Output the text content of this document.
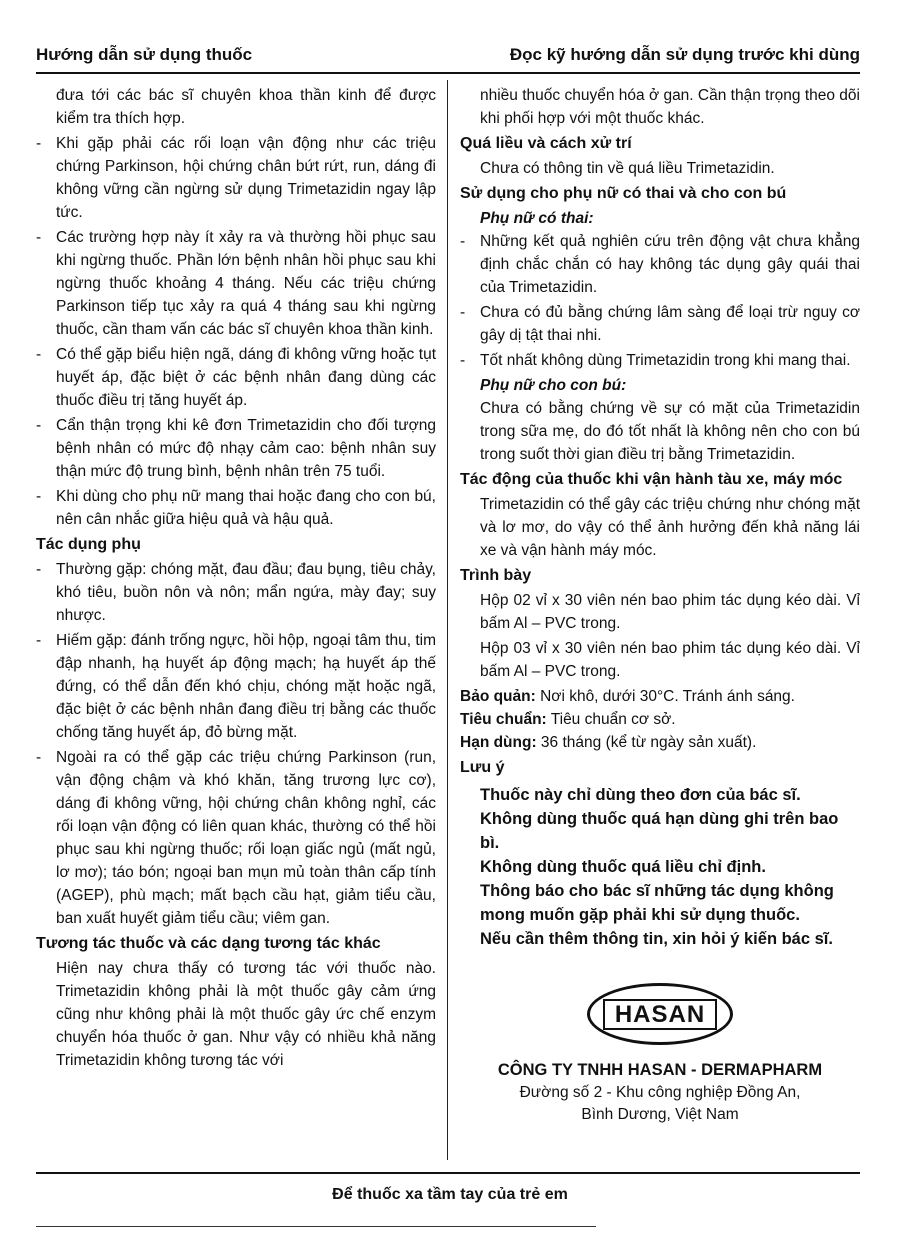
Hướng dẫn sử dụng thuốc	Đọc kỹ hướng dẫn sử dụng trước khi dùng

đưa tới các bác sĩ chuyên khoa thần kinh để được kiểm tra thích hợp.

- Khi gặp phải các rối loạn vận động như các triệu chứng Parkinson, hội chứng chân bứt rứt, run, dáng đi không vững cần ngừng sử dụng Trimetazidin ngay lập tức.
- Các trường hợp này ít xảy ra và thường hồi phục sau khi ngừng thuốc. Phần lớn bệnh nhân hồi phục sau khi ngừng thuốc khoảng 4 tháng. Nếu các triệu chứng Parkinson tiếp tục xảy ra quá 4 tháng sau khi ngừng thuốc, cần tham vấn các bác sĩ chuyên khoa thần kinh.
- Có thể gặp biểu hiện ngã, dáng đi không vững hoặc tụt huyết áp, đặc biệt ở các bệnh nhân đang dùng các thuốc điều trị tăng huyết áp.
- Cẩn thận trọng khi kê đơn Trimetazidin cho đối tượng bệnh nhân có mức độ nhạy cảm cao: bệnh nhân suy thận mức độ trung bình, bệnh nhân trên 75 tuổi.
- Khi dùng cho phụ nữ mang thai hoặc đang cho con bú, nên cân nhắc giữa hiệu quả và hậu quả.
Tác dụng phụ
- Thường gặp: chóng mặt, đau đầu; đau bụng, tiêu chảy, khó tiêu, buồn nôn và nôn; mẩn ngứa, mày đay; suy nhược.
- Hiếm gặp: đánh trống ngực, hồi hộp, ngoại tâm thu, tim đập nhanh, hạ huyết áp động mạch; hạ huyết áp thế đứng, có thể dẫn đến khó chịu, chóng mặt hoặc ngã, đặc biệt ở các bệnh nhân đang điều trị bằng các thuốc chống tăng huyết áp, đỏ bừng mặt.
- Ngoài ra có thể gặp các triệu chứng Parkinson (run, vận động chậm và khó khăn, tăng trương lực cơ), dáng đi không vững, hội chứng chân không nghỉ, các rối loạn vận động có liên quan khác, thường có thể hồi phục sau khi ngừng thuốc; rối loạn giấc ngủ (mất ngủ, lơ mơ); táo bón; ngoại ban mụn mủ toàn thân cấp tính (AGEP), phù mạch; mất bạch cầu hạt, giảm tiểu cầu, ban xuất huyết giảm tiểu cầu; viêm gan.
Tương tác thuốc và các dạng tương tác khác

Hiện nay chưa thấy có tương tác với thuốc nào. Trimetazidin không phải là một thuốc gây cảm ứng cũng như không phải là một thuốc gây ức chế enzym chuyển hóa thuốc ở gan. Như vậy có nhiều khả năng Trimetazidin không tương tác với

nhiều thuốc chuyển hóa ở gan. Cần thận trọng theo dõi khi phối hợp với một thuốc khác.

Quá liều và cách xử trí

Chưa có thông tin về quá liều Trimetazidin.

Sử dụng cho phụ nữ có thai và cho con bú
Phụ nữ có thai:
- Những kết quả nghiên cứu trên động vật chưa khẳng định chắc chắn có hay không tác dụng gây quái thai của Trimetazidin.
- Chưa có đủ bằng chứng lâm sàng để loại trừ nguy cơ gây dị tật thai nhi.
- Tốt nhất không dùng Trimetazidin trong khi mang thai.
Phụ nữ cho con bú:

Chưa có bằng chứng về sự có mặt của Trimetazidin trong sữa mẹ, do đó tốt nhất là không nên cho con bú trong suốt thời gian điều trị bằng Trimetazidin.

Tác động của thuốc khi vận hành tàu xe, máy móc

Trimetazidin có thể gây các triệu chứng như chóng mặt và lơ mơ, do vậy có thể ảnh hưởng đến khả năng lái xe và vận hành máy móc.

Trình bày

Hộp 02 vỉ x 30 viên nén bao phim tác dụng kéo dài. Vỉ bấm Al – PVC trong.

Hộp 03 vỉ x 30 viên nén bao phim tác dụng kéo dài. Vỉ bấm Al – PVC trong.

Bảo quản: Nơi khô, dưới 30°C. Tránh ánh sáng.
Tiêu chuẩn: Tiêu chuẩn cơ sở.
Hạn dùng: 36 tháng (kể từ ngày sản xuất).
Lưu ý
Thuốc này chỉ dùng theo đơn của bác sĩ.
Không dùng thuốc quá hạn dùng ghi trên bao bì.
Không dùng thuốc quá liều chỉ định.
Thông báo cho bác sĩ những tác dụng không mong muốn gặp phải khi sử dụng thuốc.
Nếu cần thêm thông tin, xin hỏi ý kiến bác sĩ.
HASAN
CÔNG TY TNHH HASAN - DERMAPHARM
Đường số 2 - Khu công nghiệp Đồng An,
Bình Dương, Việt Nam
Để thuốc xa tầm tay của trẻ em
